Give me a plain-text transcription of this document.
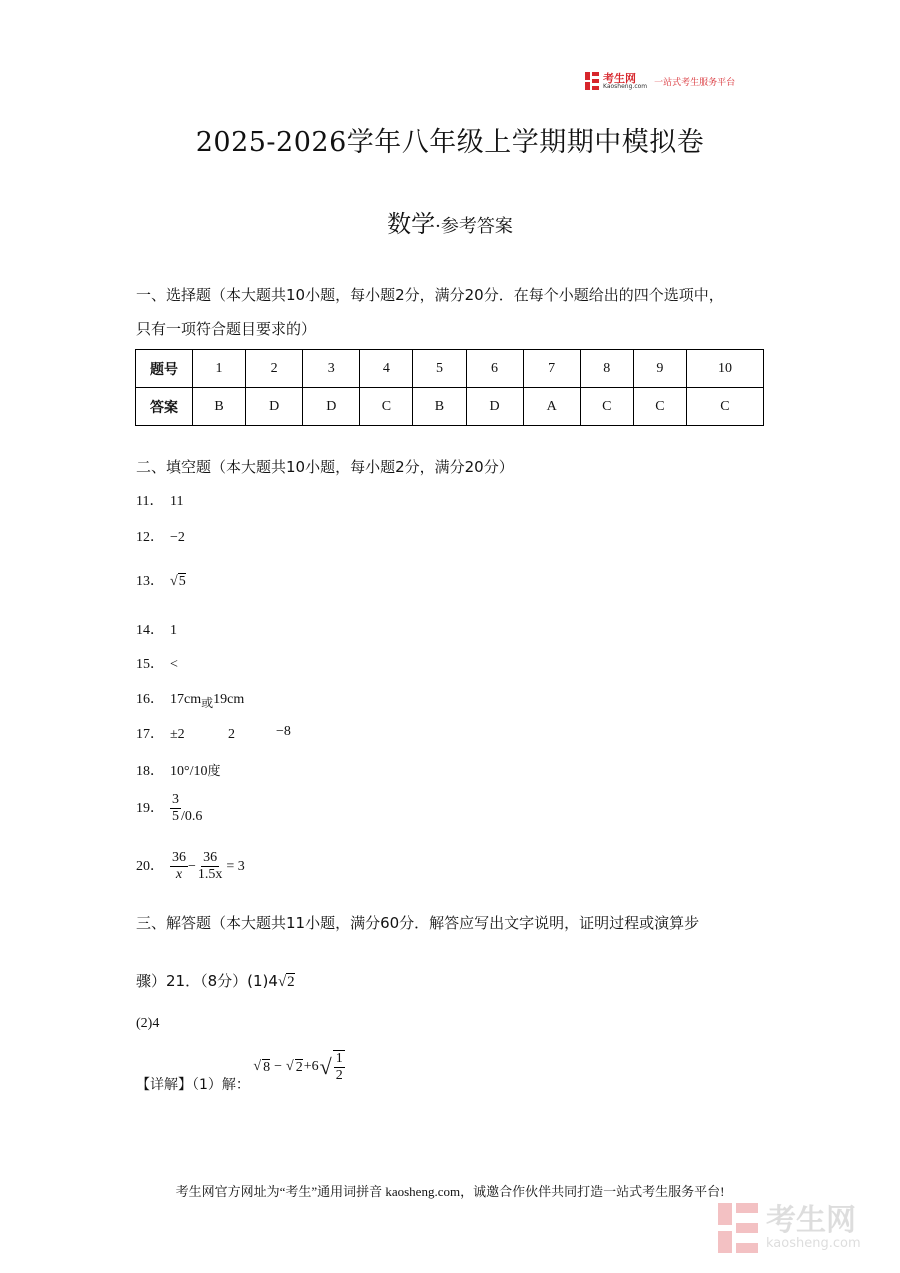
考生网
Kaosheng.com 一站式考生服务平台
2025-2026学年八年级上学期期中模拟卷
数学·参考答案
一、选择题（本大题共10小题，每小题2分，满分20分．在每个小题给出的四个选项中，
只有一项符合题目要求的）
题号	1	2	3	4	5	6	7	8	9	10
答案	B	D	D	C	B	D	A	C	C	C
二、填空题（本大题共10小题，每小题2分，满分20分）
11． 11
12． −2
13． √5
14． 1
15． <
16． 17cm或19cm
17． ±2	2	−8
18． 10°/10度
19． $\frac{3}{5} /0.6$
20． $\frac{36}{x} - \frac{36}{1.5x} = 3$
三、解答题（本大题共11小题，满分60分．解答应写出文字说明，证明过程或演算步
骤）21．（8分）(1)4√2
(2)4
【详解】（1）解：
√ 8 − √ 2 +6 √ $\frac{1}{2}$
考生网官方网址为“考生”通用词拼音 kaosheng.com，诚邀合作伙伴共同打造一站式考生服务平台!
考生网
kaosheng.com
